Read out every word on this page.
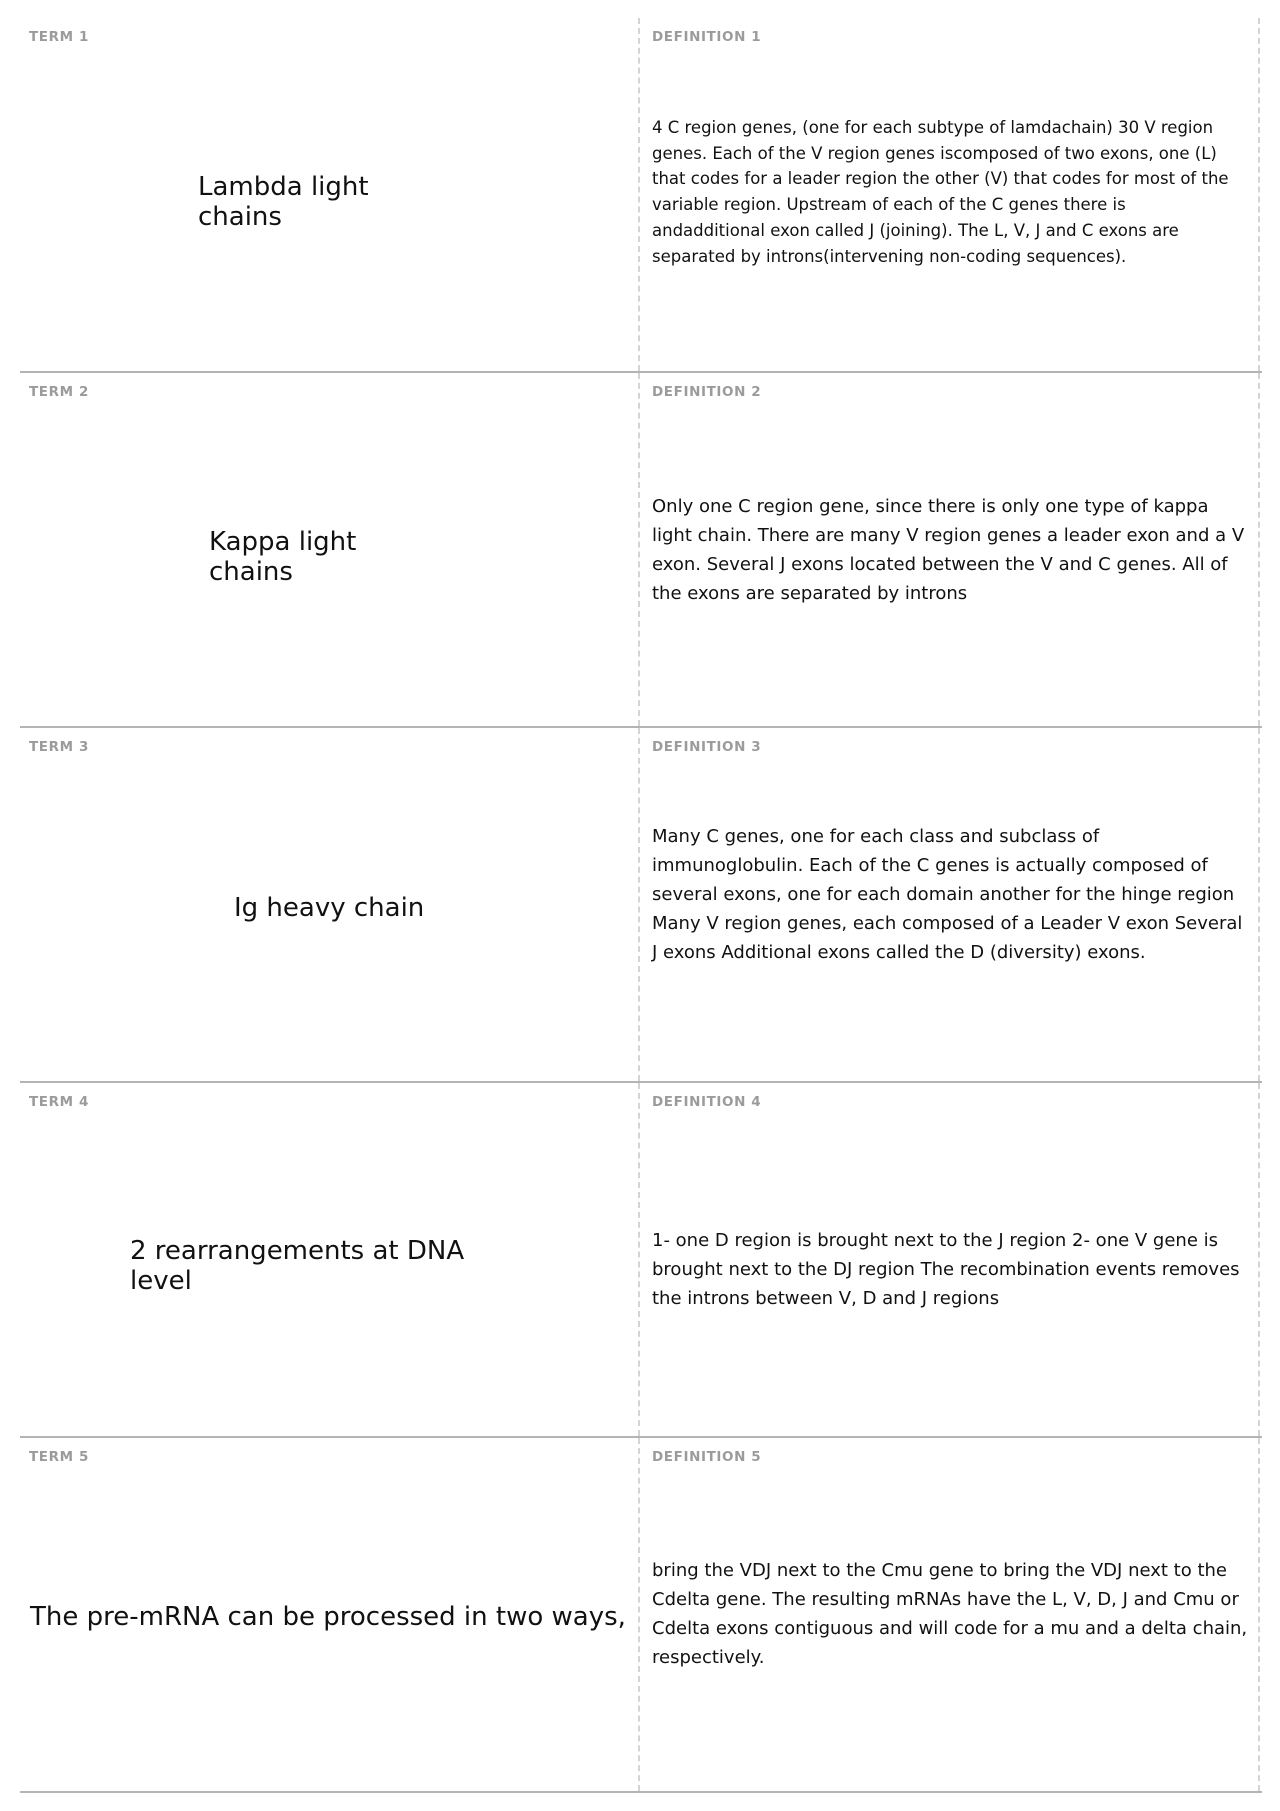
TERM 1
Lambda light chains
DEFINITION 1
4 C region genes, (one for each subtype of lamdachain) 30 V region genes. Each of the V region genes iscomposed of two exons, one (L) that codes for a leader region the other (V) that codes for most of the variable region. Upstream of each of the C genes there is andadditional exon called J (joining). The L, V, J and C exons are separated by introns(intervening non-coding sequences).
TERM 2
Kappa light chains
DEFINITION 2
Only one C region gene, since there is only one type of kappa light chain. There are many V region genes a leader exon and a V exon. Several J exons located between the V and C genes. All of the exons are separated by introns
TERM 3
Ig heavy chain
DEFINITION 3
Many C genes, one for each class and subclass of immunoglobulin. Each of the C genes is actually composed of several exons, one for each domain another for the hinge region Many V region genes, each composed of a Leader V exon Several J exons Additional exons called the D (diversity) exons.
TERM 4
2 rearrangements at DNA level
DEFINITION 4
1- one D region is brought next to the J region 2- one V gene is brought next to the DJ region The recombination events removes the introns between V, D and J regions
TERM 5
The pre-mRNA can be processed in two ways,
DEFINITION 5
bring the VDJ next to the Cmu gene to bring the VDJ next to the Cdelta gene. The resulting mRNAs have the L, V, D, J and Cmu or Cdelta exons contiguous and will code for a mu and a delta chain, respectively.
